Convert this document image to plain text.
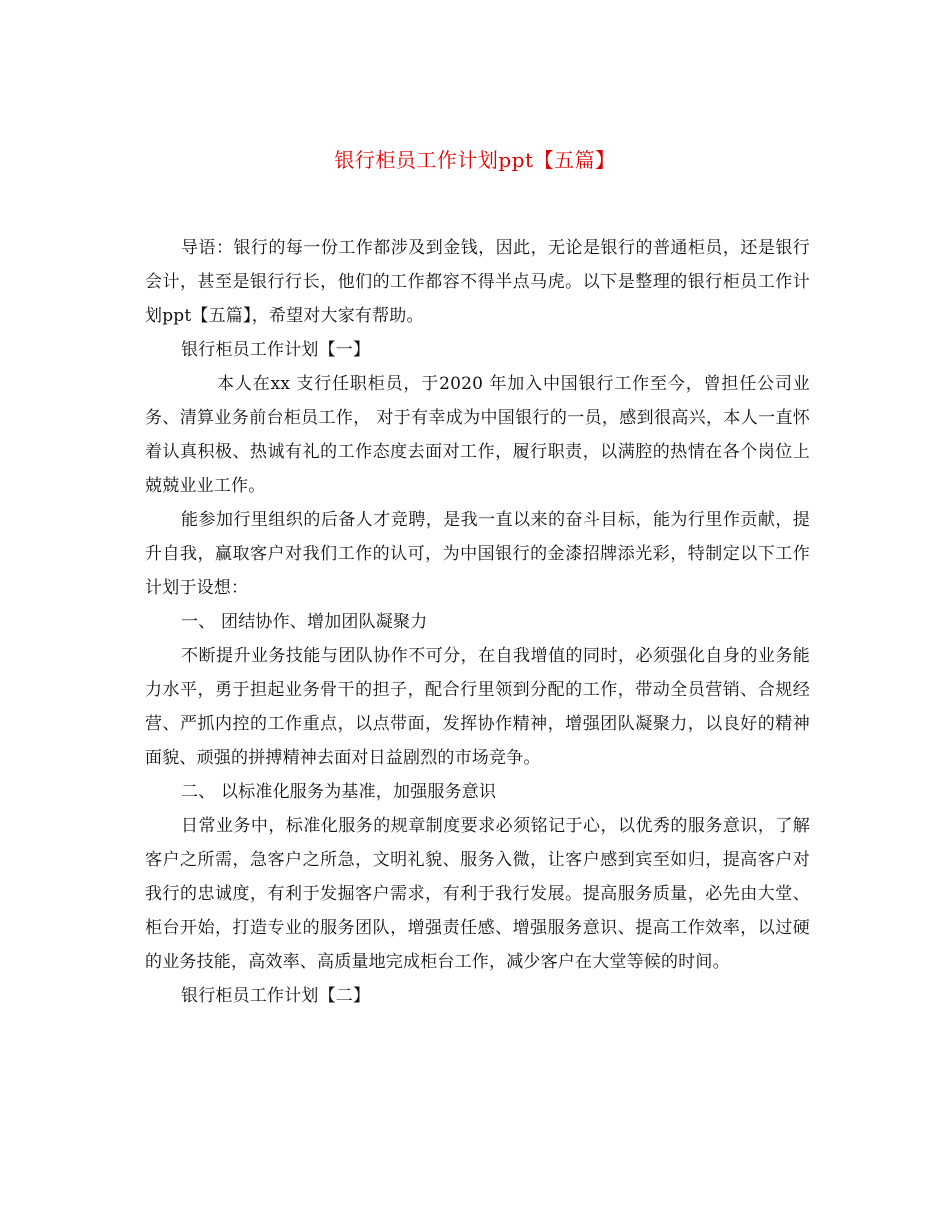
银行柜员工作计划ppt【五篇】

导语：银行的每一份工作都涉及到金钱，因此，无论是银行的普通柜员，还是银行会计，甚至是银行行长，他们的工作都容不得半点马虎。以下是整理的银行柜员工作计划ppt【五篇】，希望对大家有帮助。

银行柜员工作计划【一】

本人在xx 支行任职柜员，于2020 年加入中国银行工作至今，曾担任公司业务、清算业务前台柜员工作， 对于有幸成为中国银行的一员，感到很高兴，本人一直怀着认真积极、热诚有礼的工作态度去面对工作，履行职责，以满腔的热情在各个岗位上兢兢业业工作。

能参加行里组织的后备人才竞聘，是我一直以来的奋斗目标，能为行里作贡献，提升自我，赢取客户对我们工作的认可，为中国银行的金漆招牌添光彩，特制定以下工作计划于设想：

一、 团结协作、增加团队凝聚力

不断提升业务技能与团队协作不可分，在自我增值的同时，必须强化自身的业务能力水平，勇于担起业务骨干的担子，配合行里领到分配的工作，带动全员营销、合规经营、严抓内控的工作重点，以点带面，发挥协作精神，增强团队凝聚力，以良好的精神面貌、顽强的拼搏精神去面对日益剧烈的市场竞争。

二、 以标准化服务为基准，加强服务意识

日常业务中，标准化服务的规章制度要求必须铭记于心，以优秀的服务意识，了解客户之所需，急客户之所急，文明礼貌、服务入微，让客户感到宾至如归，提高客户对我行的忠诚度，有利于发掘客户需求，有利于我行发展。提高服务质量，必先由大堂、柜台开始，打造专业的服务团队，增强责任感、增强服务意识、提高工作效率，以过硬的业务技能，高效率、高质量地完成柜台工作，减少客户在大堂等候的时间。

银行柜员工作计划【二】
